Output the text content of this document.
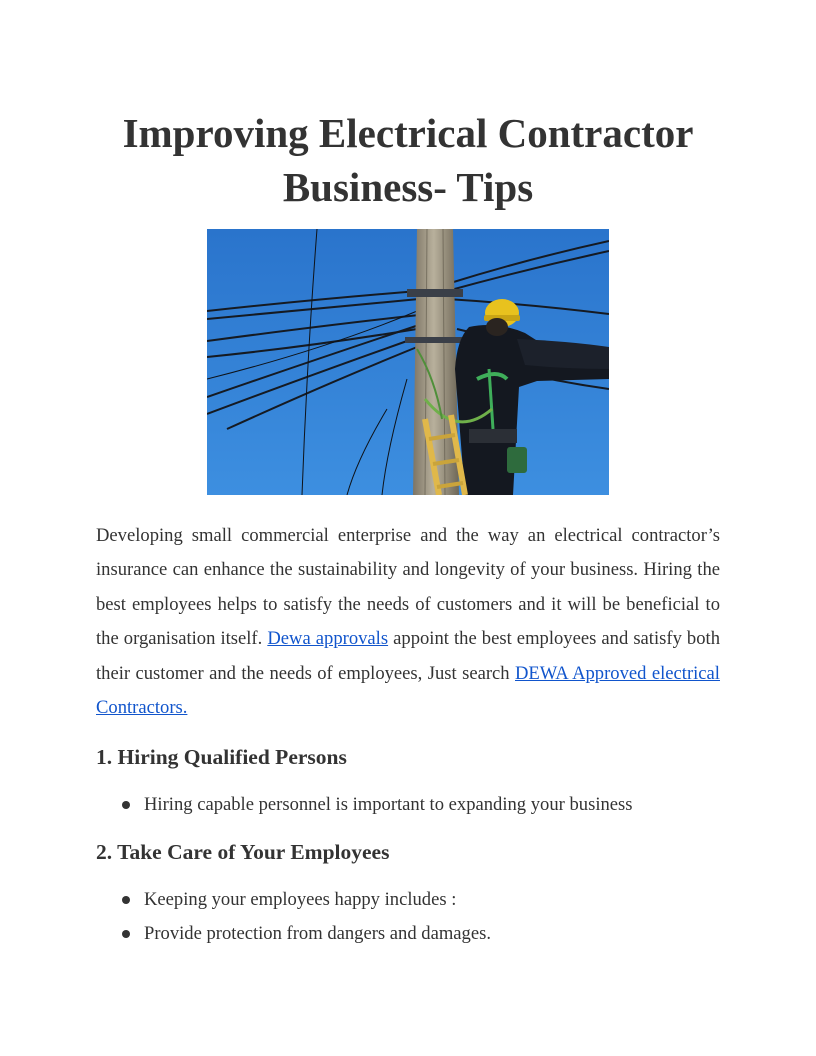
Improving Electrical Contractor
Business- Tips

Developing small commercial enterprise and the way an electrical contractor’s insurance can enhance the sustainability and longevity of your business. Hiring the best employees helps to satisfy the needs of customers and it will be beneficial to the organisation itself. Dewa approvals appoint the best employees and satisfy both their customer and the needs of employees, Just search DEWA Approved electrical Contractors.

1. Hiring Qualified Persons
Hiring capable personnel is important to expanding your business
2. Take Care of Your Employees
Keeping your employees happy includes :
Provide protection from dangers and damages.
